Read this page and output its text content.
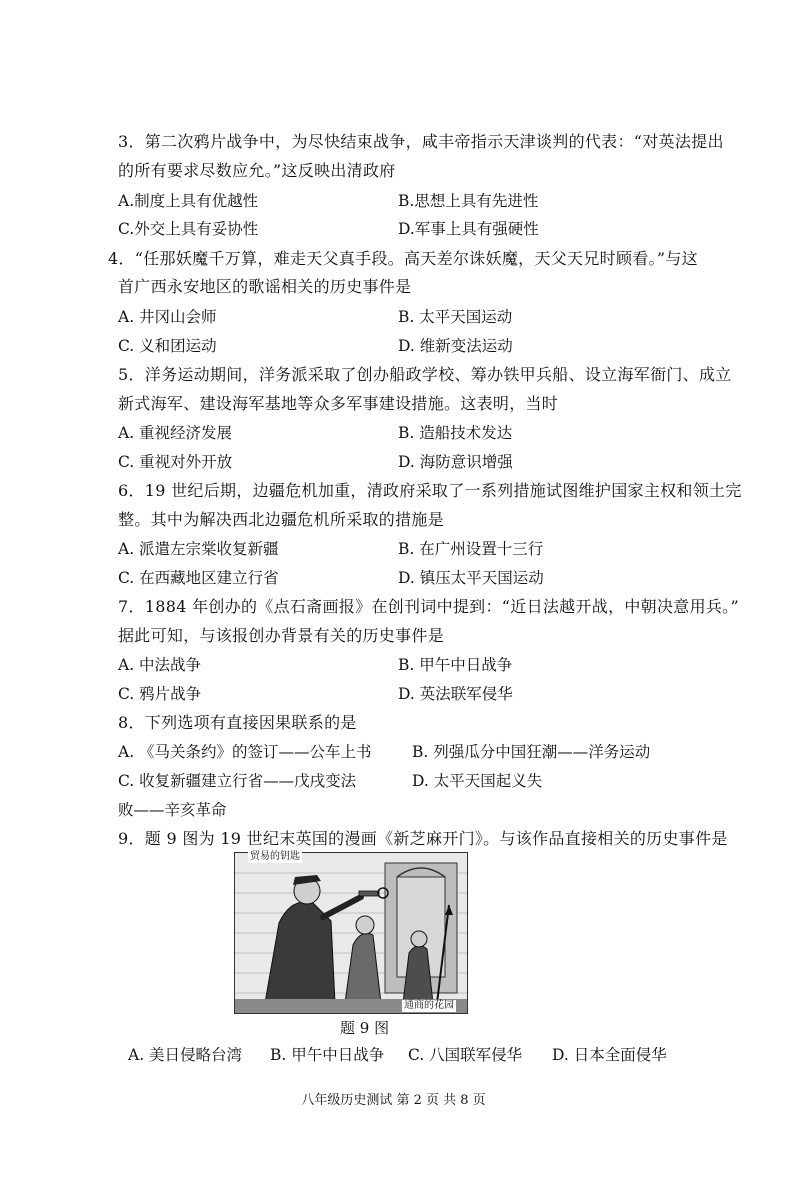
3．第二次鸦片战争中，为尽快结束战争，咸丰帝指示天津谈判的代表：“对英法提出
的所有要求尽数应允。”这反映出清政府
A.制度上具有优越性	B.思想上具有先进性
C.外交上具有妥协性	D.军事上具有强硬性
4．“任那妖魔千万算，难走天父真手段。高天差尔诛妖魔，天父天兄时顾看。”与这
首广西永安地区的歌谣相关的历史事件是
A. 井冈山会师	B. 太平天国运动
C. 义和团运动	D. 维新变法运动
5．洋务运动期间，洋务派采取了创办船政学校、筹办铁甲兵船、设立海军衙门、成立
新式海军、建设海军基地等众多军事建设措施。这表明，当时
A. 重视经济发展	B. 造船技术发达
C. 重视对外开放	D. 海防意识增强
6．19 世纪后期，边疆危机加重，清政府采取了一系列措施试图维护国家主权和领土完
整。其中为解决西北边疆危机所采取的措施是
A. 派遣左宗棠收复新疆	B. 在广州设置十三行
C. 在西藏地区建立行省	D. 镇压太平天国运动
7．1884 年创办的《点石斋画报》在创刊词中提到：“近日法越开战，中朝决意用兵。”
据此可知，与该报创办背景有关的历史事件是
A. 中法战争	B. 甲午中日战争
C. 鸦片战争	D. 英法联军侵华
8．下列选项有直接因果联系的是
A. 《马关条约》的签订——公车上书	B. 列强瓜分中国狂潮——洋务运动
C. 收复新疆建立行省——戊戌变法	D. 太平天国起义失
败——辛亥革命
9．题 9 图为 19 世纪末英国的漫画《新芝麻开门》。与该作品直接相关的历史事件是
贸易的钥匙
通商的花园
题 9 图
A. 美日侵略台湾 B. 甲午中日战争 C. 八国联军侵华 D. 日本全面侵华
八年级历史测试 第 2 页 共 8 页
